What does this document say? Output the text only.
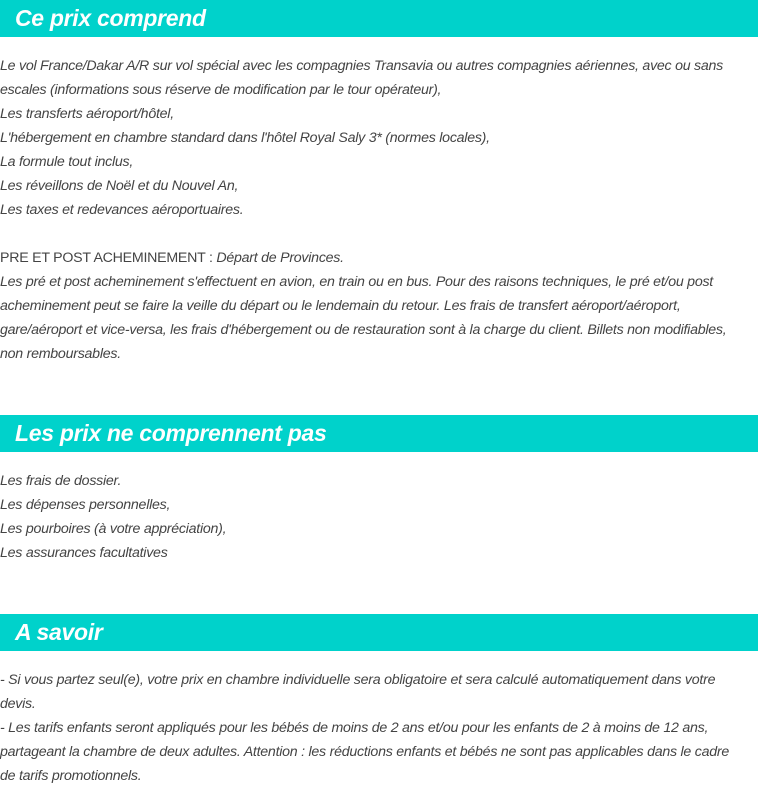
Ce prix comprend
Le vol France/Dakar A/R sur vol spécial avec les compagnies Transavia ou autres compagnies aériennes, avec ou sans
escales (informations sous réserve de modification par le tour opérateur),
Les transferts aéroport/hôtel,
L'hébergement en chambre standard dans l'hôtel Royal Saly 3* (normes locales),
La formule tout inclus,
Les réveillons de Noël et du Nouvel An,
Les taxes et redevances aéroportuaires.
PRE ET POST ACHEMINEMENT : Départ de Provinces.
Les pré et post acheminement s'effectuent en avion, en train ou en bus. Pour des raisons techniques, le pré et/ou post
acheminement peut se faire la veille du départ ou le lendemain du retour. Les frais de transfert aéroport/aéroport,
gare/aéroport et vice-versa, les frais d'hébergement ou de restauration sont à la charge du client. Billets non modifiables,
non remboursables.
Les prix ne comprennent pas
Les frais de dossier.
Les dépenses personnelles,
Les pourboires (à votre appréciation),
Les assurances facultatives
A savoir
- Si vous partez seul(e), votre prix en chambre individuelle sera obligatoire et sera calculé automatiquement dans votre
devis.
- Les tarifs enfants seront appliqués pour les bébés de moins de 2 ans et/ou pour les enfants de 2 à moins de 12 ans,
partageant la chambre de deux adultes. Attention : les réductions enfants et bébés ne sont pas applicables dans le cadre
de tarifs promotionnels.
